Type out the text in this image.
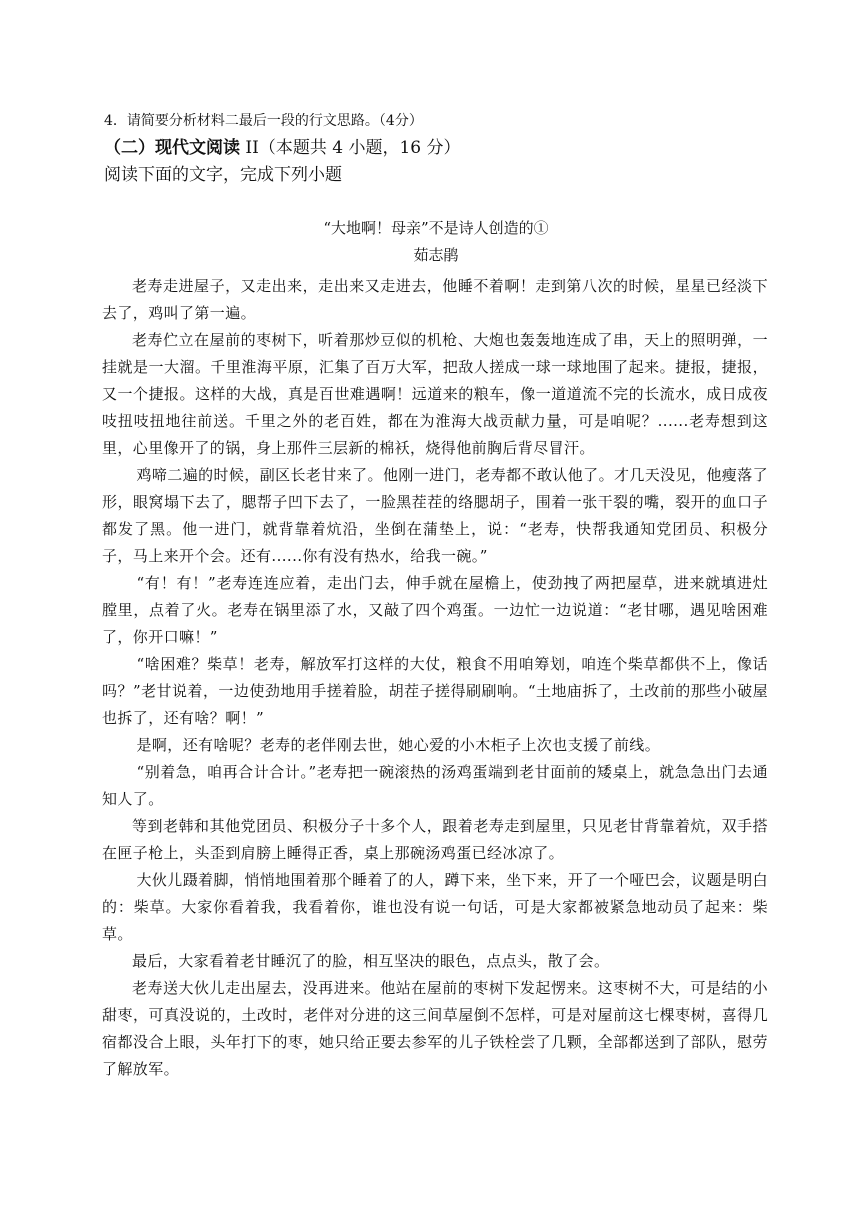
4．请简要分析材料二最后一段的行文思路。（4分）
（二）现代文阅读 II（本题共 4 小题，16 分）
阅读下面的文字，完成下列小题
“大地啊！母亲”不是诗人创造的①
茹志鹃

老寿走进屋子，又走出来，走出来又走进去，他睡不着啊！走到第八次的时候，星星已经淡下去了，鸡叫了第一遍。

老寿伫立在屋前的枣树下，听着那炒豆似的机枪、大炮也轰轰地连成了串，天上的照明弹，一挂就是一大溜。千里淮海平原，汇集了百万大军，把敌人搓成一球一球地围了起来。捷报，捷报，又一个捷报。这样的大战，真是百世难遇啊！远道来的粮车，像一道道流不完的长流水，成日成夜吱扭吱扭地往前送。千里之外的老百姓，都在为淮海大战贡献力量，可是咱呢？......老寿想到这里，心里像开了的锅，身上那件三层新的棉袄，烧得他前胸后背尽冒汗。

鸡啼二遍的时候，副区长老甘来了。他刚一进门，老寿都不敢认他了。才几天没见，他瘦落了形，眼窝塌下去了，腮帮子凹下去了，一脸黑茬茬的络腮胡子，围着一张干裂的嘴，裂开的血口子都发了黑。他一进门，就背靠着炕沿，坐倒在蒲垫上，说：“老寿，快帮我通知党团员、积极分子，马上来开个会。还有......你有没有热水，给我一碗。”

“有！有！”老寿连连应着，走出门去，伸手就在屋檐上，使劲拽了两把屋草，进来就填进灶膛里，点着了火。老寿在锅里添了水，又敲了四个鸡蛋。一边忙一边说道：“老甘哪，遇见啥困难了，你开口嘛！”

“啥困难？柴草！老寿，解放军打这样的大仗，粮食不用咱筹划，咱连个柴草都供不上，像话吗？”老甘说着，一边使劲地用手搓着脸，胡茬子搓得刷刷响。“土地庙拆了，土改前的那些小破屋也拆了，还有啥？啊！”

是啊，还有啥呢？老寿的老伴刚去世，她心爱的小木柜子上次也支援了前线。

“别着急，咱再合计合计。”老寿把一碗滚热的汤鸡蛋端到老甘面前的矮桌上，就急急出门去通知人了。

等到老韩和其他党团员、积极分子十多个人，跟着老寿走到屋里，只见老甘背靠着炕，双手搭在匣子枪上，头歪到肩膀上睡得正香，桌上那碗汤鸡蛋已经冰凉了。

大伙儿蹑着脚，悄悄地围着那个睡着了的人，蹲下来，坐下来，开了一个哑巴会，议题是明白的：柴草。大家你看着我，我看着你，谁也没有说一句话，可是大家都被紧急地动员了起来：柴草。

最后，大家看着老甘睡沉了的脸，相互坚决的眼色，点点头，散了会。

老寿送大伙儿走出屋去，没再进来。他站在屋前的枣树下发起愣来。这枣树不大，可是结的小甜枣，可真没说的，土改时，老伴对分进的这三间草屋倒不怎样，可是对屋前这七棵枣树，喜得几宿都没合上眼，头年打下的枣，她只给正要去参军的儿子铁栓尝了几颗，全部都送到了部队，慰劳了解放军。
